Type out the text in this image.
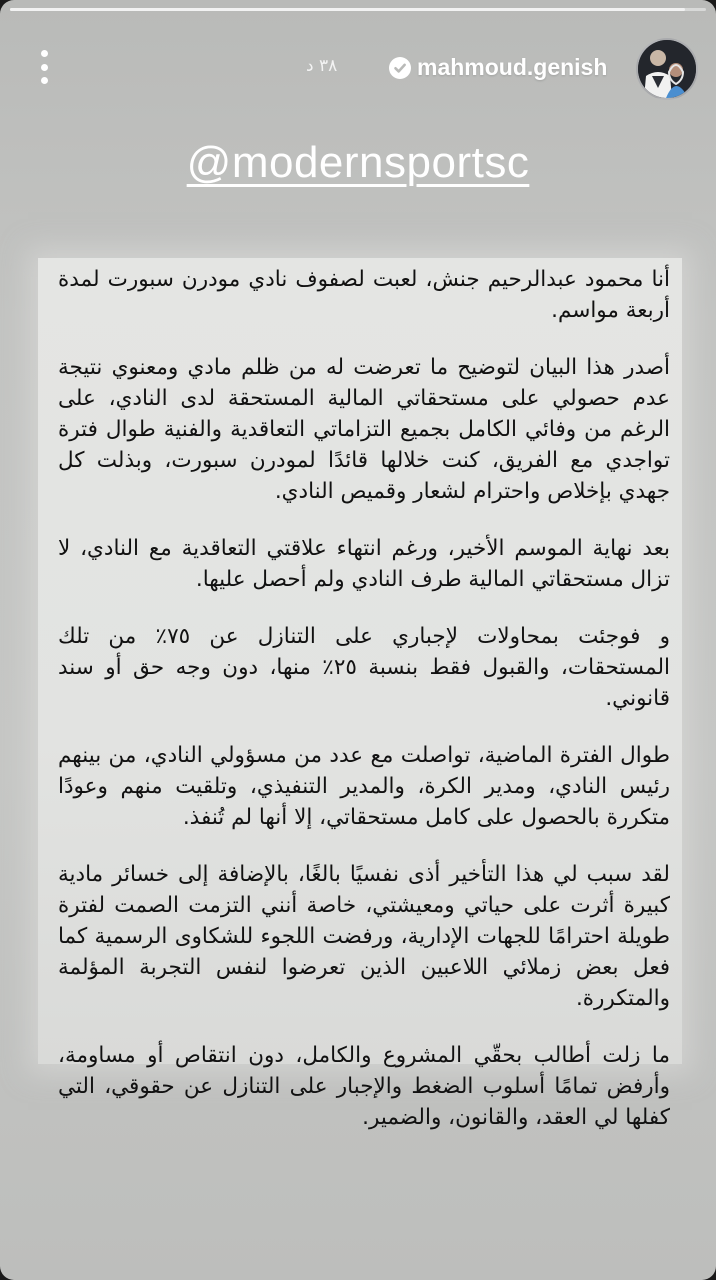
٣٨ د	mahmoud.genish
@modernsportsc

أنا محمود عبدالرحيم جنش، لعبت لصفوف نادي مودرن سبورت لمدة أربعة مواسم.

أصدر هذا البيان لتوضيح ما تعرضت له من ظلم مادي ومعنوي نتيجة عدم حصولي على مستحقاتي المالية المستحقة لدى النادي، على الرغم من وفائي الكامل بجميع التزاماتي التعاقدية والفنية طوال فترة تواجدي مع الفريق، كنت خلالها قائدًا لمودرن سبورت، وبذلت كل جهدي بإخلاص واحترام لشعار وقميص النادي.

بعد نهاية الموسم الأخير، ورغم انتهاء علاقتي التعاقدية مع النادي، لا تزال مستحقاتي المالية طرف النادي ولم أحصل عليها.

و فوجئت بمحاولات لإجباري على التنازل عن ٧٥٪ من تلك المستحقات، والقبول فقط بنسبة ٢٥٪ منها، دون وجه حق أو سند قانوني.

طوال الفترة الماضية، تواصلت مع عدد من مسؤولي النادي، من بينهم رئيس النادي، ومدير الكرة، والمدير التنفيذي، وتلقيت منهم وعودًا متكررة بالحصول على كامل مستحقاتي، إلا أنها لم تُنفذ.

لقد سبب لي هذا التأخير أذى نفسيًا بالغًا، بالإضافة إلى خسائر مادية كبيرة أثرت على حياتي ومعيشتي، خاصة أنني التزمت الصمت لفترة طويلة احترامًا للجهات الإدارية، ورفضت اللجوء للشكاوى الرسمية كما فعل بعض زملائي اللاعبين الذين تعرضوا لنفس التجربة المؤلمة والمتكررة.

ما زلت أطالب بحقّي المشروع والكامل، دون انتقاص أو مساومة، وأرفض تمامًا أسلوب الضغط والإجبار على التنازل عن حقوقي، التي كفلها لي العقد، والقانون، والضمير.
